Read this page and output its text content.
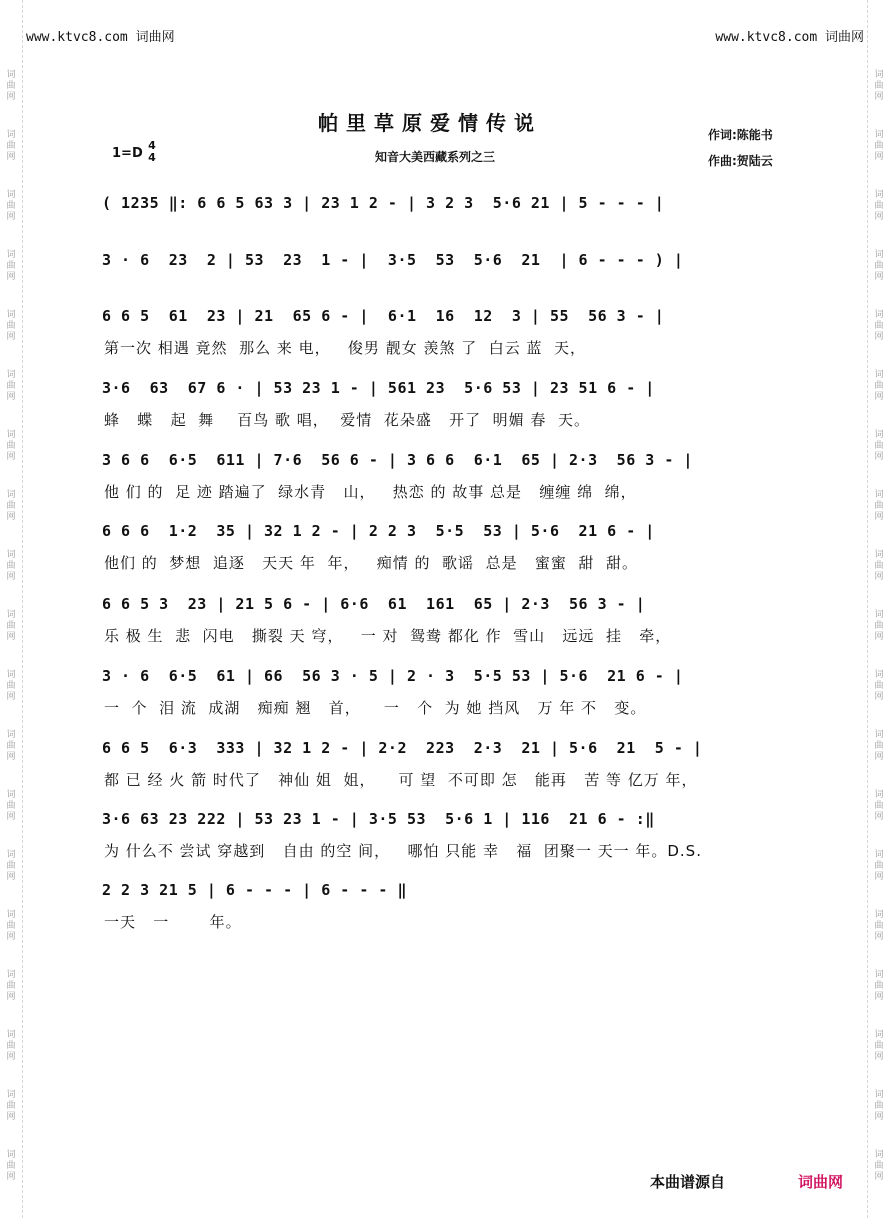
词
曲
网
词
曲
网
词
曲
网
词
曲
网
词
曲
网
词
曲
网
词
曲
网
词
曲
网
词
曲
网
词
曲
网
词
曲
网
词
曲
网
词
曲
网
词
曲
网
词
曲
网
词
曲
网
词
曲
网
词
曲
网
词
曲
网
词
曲
网
词
曲
网
词
曲
网
词
曲
网
词
曲
网
词
曲
网
词
曲
网
词
曲
网
词
曲
网
词
曲
网
词
曲
网
词
曲
网
词
曲
网
词
曲
网
词
曲
网
词
曲
网
词
曲
网
词
曲
网
词
曲
网
www.ktvc8.com 词曲网	www.ktvc8.com 词曲网
帕里草原爱情传说
1=D
4
4	知音大美西藏系列之三
作词:陈能书
作曲:贺陆云
( 1235 ‖: 6 6 5 63 3 | 23 1 2 - | 3 2 3  5·6 21 | 5 - - - |
3 · 6  23  2 | 53  23  1 - |  3·5  53  5·6  21  | 6 - - - ) |
6 6 5  61  23 | 21  65 6 - |  6·1  16  12  3 | 55  56 3 - |
第一次 相遇 竟然  那么 来 电，   俊男 靓女 羡煞 了  白云 蓝  天，
3·6  63  67 6 · | 53 23 1 - | 561 23  5·6 53 | 23 51 6 - |
蜂   蝶   起  舞    百鸟 歌 唱，  爱情  花朵盛   开了  明媚 春  天。
3 6 6  6·5  611 | 7·6  56 6 - | 3 6 6  6·1  65 | 2·3  56 3 - |
他 们 的  足 迹 踏遍了  绿水青   山，   热恋 的 故事 总是   缠缠 绵  绵，
6 6 6  1·2  35 | 32 1 2 - | 2 2 3  5·5  53 | 5·6  21 6 - |
他们 的  梦想  追逐   天天 年  年，   痴情 的  歌谣  总是   蜜蜜  甜  甜。
6 6 5 3  23 | 21 5 6 - | 6·6  61  161  65 | 2·3  56 3 - |
乐 极 生  悲  闪电   撕裂 天 穹，   一 对  鸳鸯 都化 作  雪山   远远  挂   牵，
3 · 6  6·5  61 | 66  56 3 · 5 | 2 · 3  5·5 53 | 5·6  21 6 - |
一  个  泪 流  成湖   痴痴 翘   首，    一   个  为 她 挡风   万 年 不   变。
6 6 5  6·3  333 | 32 1 2 - | 2·2  223  2·3  21 | 5·6  21  5 - |
都 已 经 火 箭 时代了   神仙 姐  姐，    可 望  不可即 怎   能再   苦 等 亿万 年，
3·6 63 23 222 | 53 23 1 - | 3·5 53  5·6 1 | 116  21 6 - :‖
为 什么不 尝试 穿越到   自由 的空 间，   哪怕 只能 幸   福  团聚一 天一 年。D.S.
2 2 3 21 5 | 6 - - - | 6 - - - ‖
一天   一       年。
本曲谱源自	词曲网
